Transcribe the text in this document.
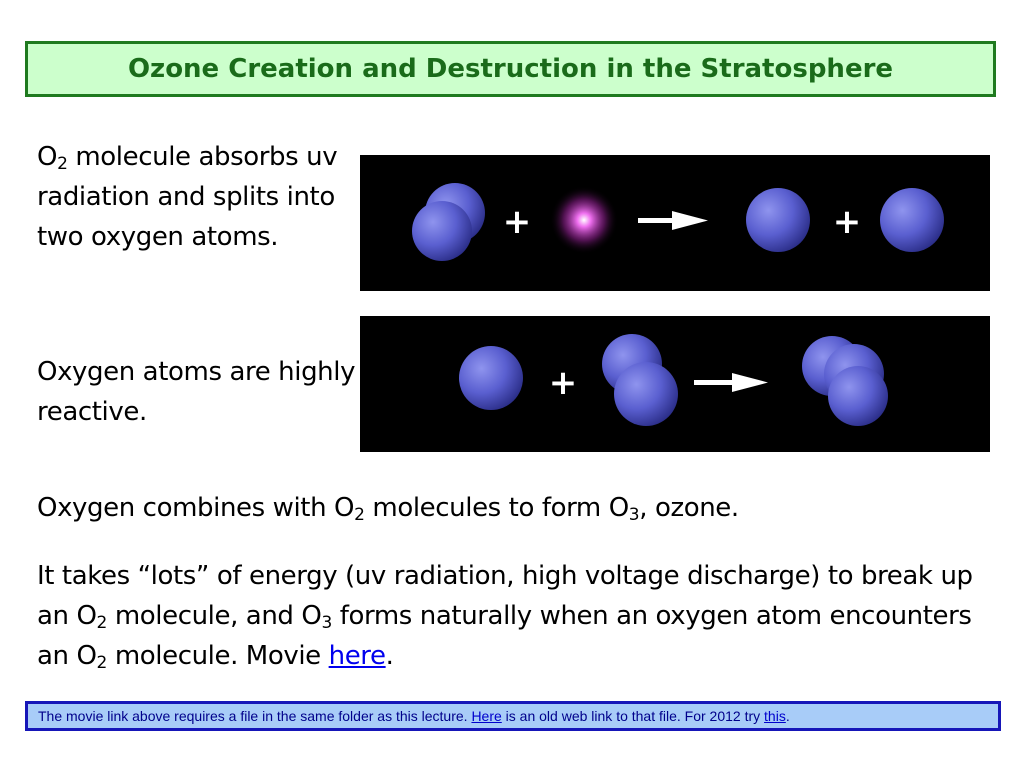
Ozone Creation and Destruction in the Stratosphere
$O_2$ molecule absorbs uv radiation and splits into two oxygen atoms.	+	+
Oxygen atoms are highly reactive.
+
Oxygen combines with $O_2$ molecules to form $O_3$, ozone.
It takes “lots” of energy (uv radiation, high voltage discharge) to break up an $O_2$ molecule, and $O_3$ forms naturally when an oxygen atom encounters an $O_2$ molecule. Movie here.
The movie link above requires a file in the same folder as this lecture. Here is an old web link to that file. For 2012 try this .
